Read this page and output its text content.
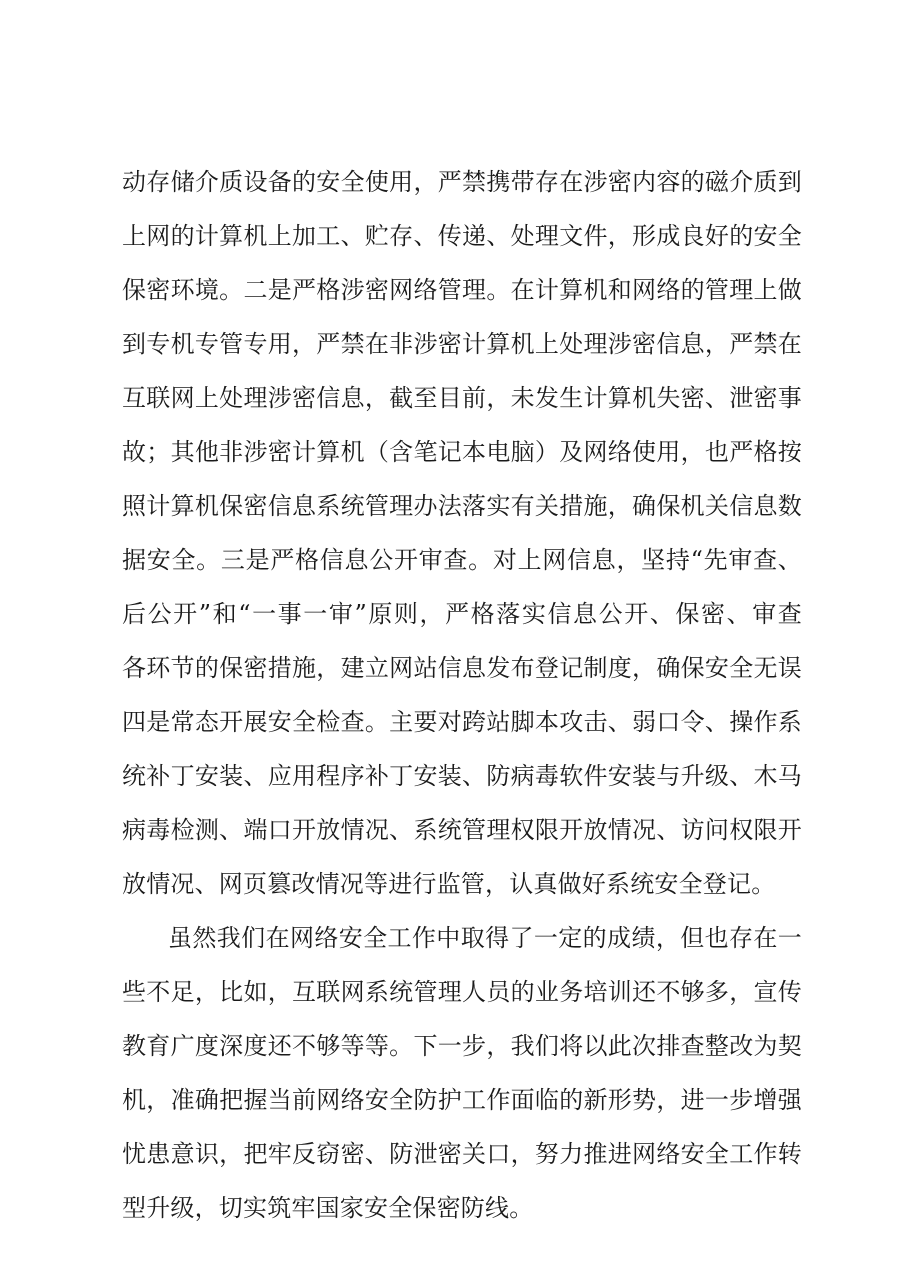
动存储介质设备的安全使用，严禁携带存在涉密内容的磁介质到
上网的计算机上加工、贮存、传递、处理文件，形成良好的安全
保密环境。二是严格涉密网络管理。在计算机和网络的管理上做
到专机专管专用，严禁在非涉密计算机上处理涉密信息，严禁在
互联网上处理涉密信息，截至目前，未发生计算机失密、泄密事
故；其他非涉密计算机（含笔记本电脑）及网络使用，也严格按
照计算机保密信息系统管理办法落实有关措施，确保机关信息数
据安全。三是严格信息公开审查。对上网信息，坚持“先审查、
后公开”和“一事一审”原则，严格落实信息公开、保密、审查
各环节的保密措施，建立网站信息发布登记制度，确保安全无误
四是常态开展安全检查。主要对跨站脚本攻击、弱口令、操作系
统补丁安装、应用程序补丁安装、防病毒软件安装与升级、木马
病毒检测、端口开放情况、系统管理权限开放情况、访问权限开
放情况、网页篡改情况等进行监管，认真做好系统安全登记。
虽然我们在网络安全工作中取得了一定的成绩，但也存在一
些不足，比如，互联网系统管理人员的业务培训还不够多，宣传
教育广度深度还不够等等。下一步，我们将以此次排查整改为契
机，准确把握当前网络安全防护工作面临的新形势，进一步增强
忧患意识，把牢反窃密、防泄密关口，努力推进网络安全工作转
型升级，切实筑牢国家安全保密防线。
